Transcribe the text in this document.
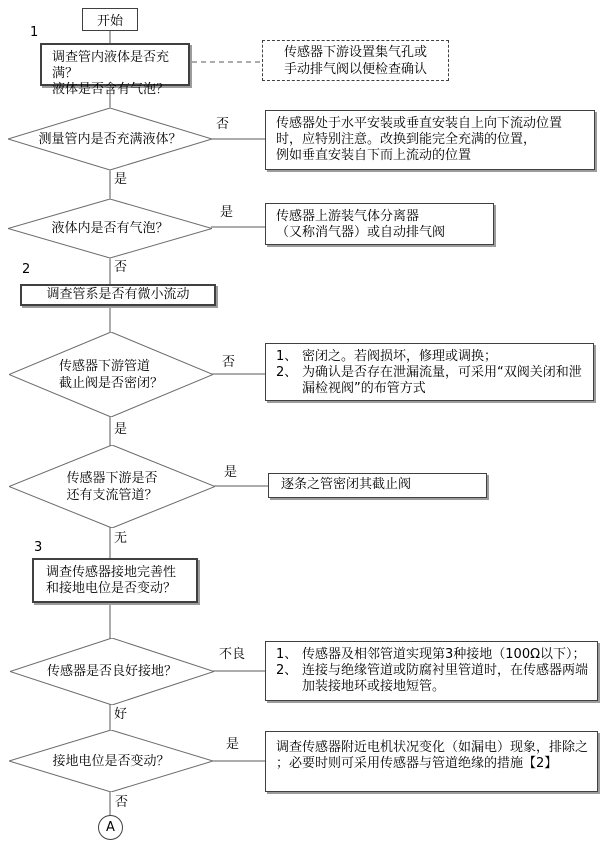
开始
1
调查管内液体是否充满？
液体是否含有气泡？
传感器下游设置集气孔或
手动排气阀以便检查确认
测量管内是否充满液体？
否
是
传感器处于水平安装或垂直安装自上向下流动位置
时，应特别注意。改换到能完全充满的位置，
例如垂直安装自下而上流动的位置
液体内是否有气泡？
是
否
传感器上游装气体分离器
（又称消气器）或自动排气阀
2
调查管系是否有微小流动
传感器下游管道
截止阀是否密闭？
否
是
1、 密闭之。若阀损坏，修理或调换；
2、 为确认是否存在泄漏流量，可采用“双阀关闭和泄漏检视阀”的布管方式
传感器下游是否
还有支流管道？
是
无
逐条之管密闭其截止阀
3
调查传感器接地完善性
和接地电位是否变动？
传感器是否良好接地？
不良
好
1、 传感器及相邻管道实现第3种接地（100Ω以下）；
2、 连接与绝缘管道或防腐衬里管道时，在传感器两端加装接地环或接地短管。
接地电位是否变动？
是
否
调查传感器附近电机状况变化（如漏电）现象，排除之
；必要时则可采用传感器与管道绝缘的措施【2】
A
